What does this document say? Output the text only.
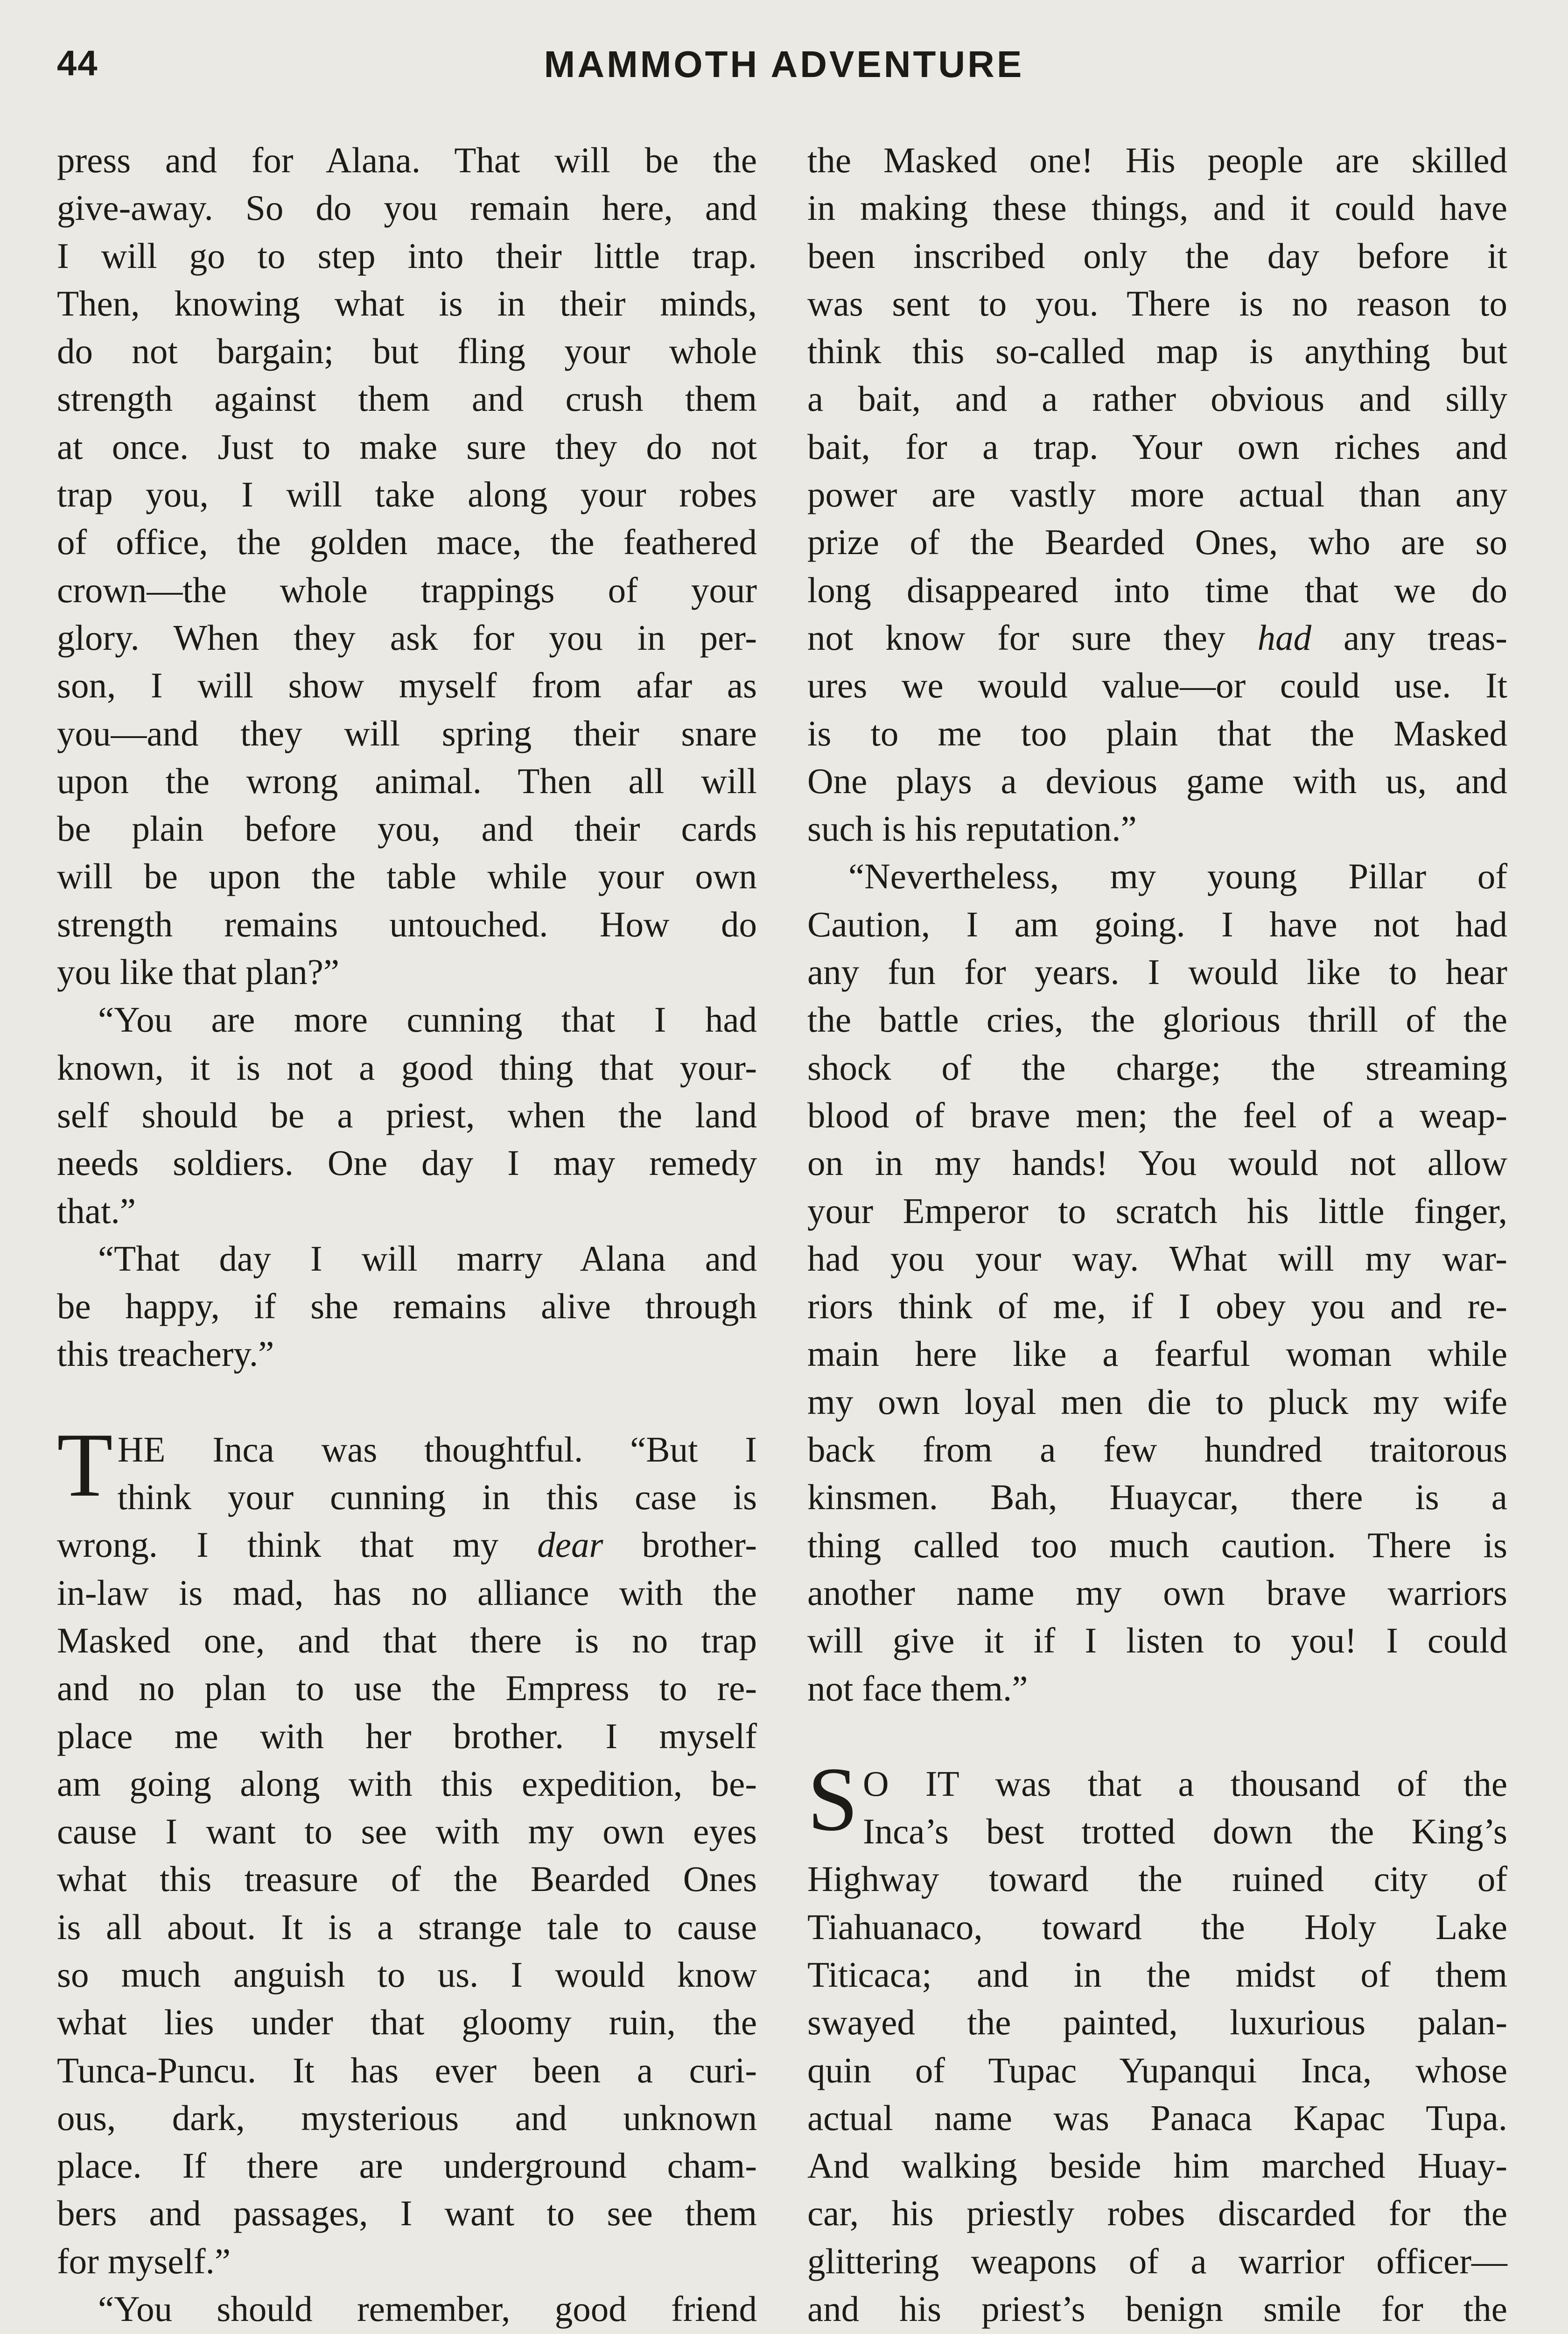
44	MAMMOTH ADVENTURE
press and for Alana. That will be the
give-away. So do you remain here, and
I will go to step into their little trap.
Then, knowing what is in their minds,
do not bargain; but fling your whole
strength against them and crush them
at once. Just to make sure they do not
trap you, I will take along your robes
of office, the golden mace, the feathered
crown—the whole trappings of your
glory. When they ask for you in per-
son, I will show myself from afar as
you—and they will spring their snare
upon the wrong animal. Then all will
be plain before you, and their cards
will be upon the table while your own
strength remains untouched. How do
you like that plan?”
“You are more cunning that I had
known, it is not a good thing that your-
self should be a priest, when the land
needs soldiers. One day I may remedy
that.”
“That day I will marry Alana and
be happy, if she remains alive through
this treachery.”
T HE Inca was thoughtful. “But I
think your cunning in this case is
wrong. I think that my dear brother-
in-law is mad, has no alliance with the
Masked one, and that there is no trap
and no plan to use the Empress to re-
place me with her brother. I myself
am going along with this expedition, be-
cause I want to see with my own eyes
what this treasure of the Bearded Ones
is all about. It is a strange tale to cause
so much anguish to us. I would know
what lies under that gloomy ruin, the
Tunca-Puncu. It has ever been a curi-
ous, dark, mysterious and unknown
place. If there are underground cham-
bers and passages, I want to see them
for myself.”
“You should remember, good friend
the Masked one! His people are skilled
in making these things, and it could have
been inscribed only the day before it
was sent to you. There is no reason to
think this so-called map is anything but
a bait, and a rather obvious and silly
bait, for a trap. Your own riches and
power are vastly more actual than any
prize of the Bearded Ones, who are so
long disappeared into time that we do
not know for sure they had any treas-
ures we would value—or could use. It
is to me too plain that the Masked
One plays a devious game with us, and
such is his reputation.”
“Nevertheless, my young Pillar of
Caution, I am going. I have not had
any fun for years. I would like to hear
the battle cries, the glorious thrill of the
shock of the charge; the streaming
blood of brave men; the feel of a weap-
on in my hands! You would not allow
your Emperor to scratch his little finger,
had you your way. What will my war-
riors think of me, if I obey you and re-
main here like a fearful woman while
my own loyal men die to pluck my wife
back from a few hundred traitorous
kinsmen. Bah, Huaycar, there is a
thing called too much caution. There is
another name my own brave warriors
will give it if I listen to you! I could
not face them.”
S O IT was that a thousand of the
Inca’s best trotted down the King’s
Highway toward the ruined city of
Tiahuanaco, toward the Holy Lake
Titicaca; and in the midst of them
swayed the painted, luxurious palan-
quin of Tupac Yupanqui Inca, whose
actual name was Panaca Kapac Tupa.
And walking beside him marched Huay-
car, his priestly robes discarded for the
glittering weapons of a warrior officer—
and his priest’s benign smile for the
